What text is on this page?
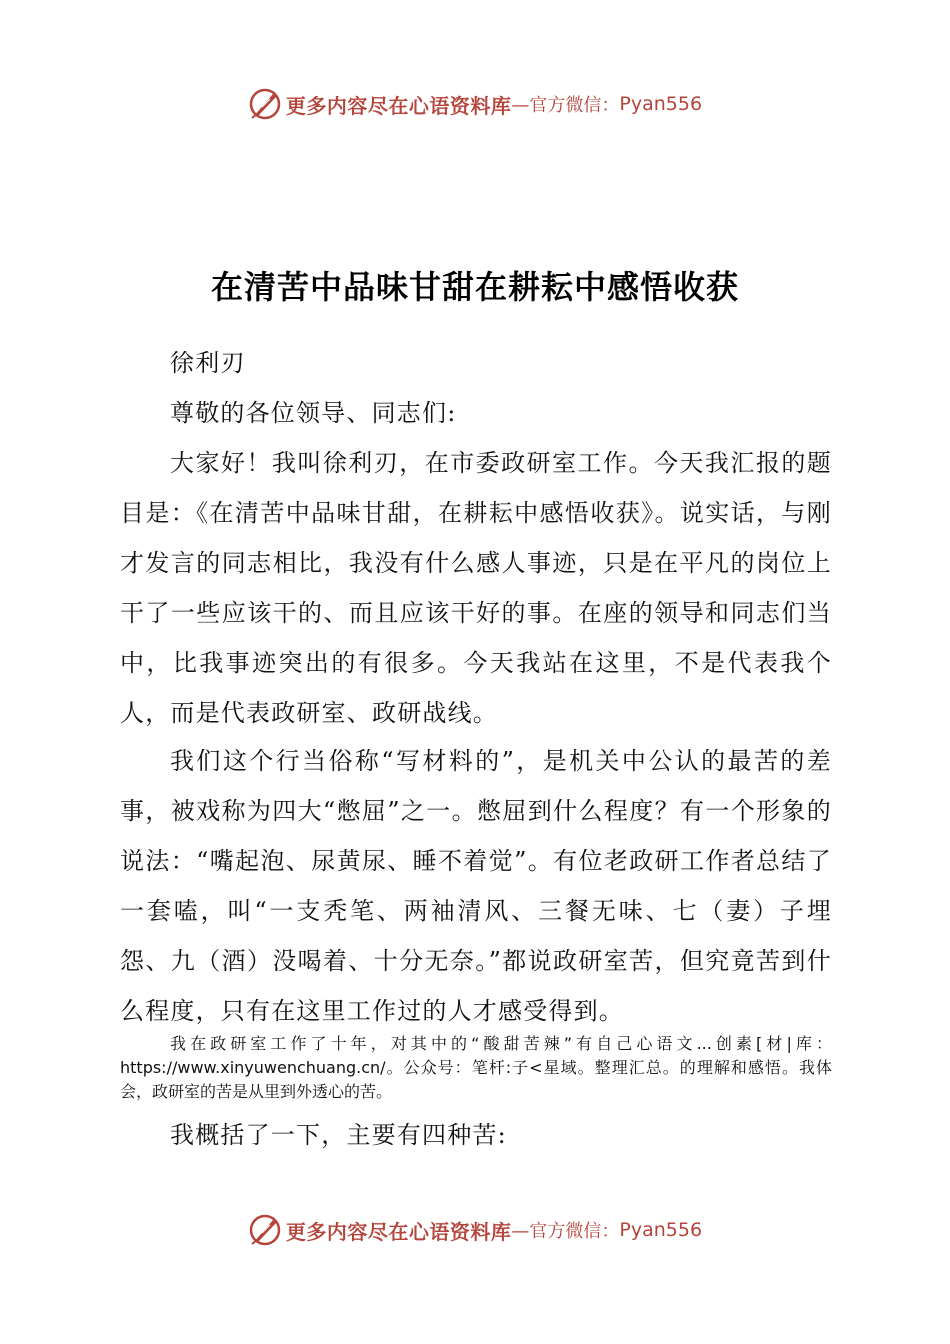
更多内容尽在心语资料库 —官方微信： Pyan556
在清苦中品味甘甜在耕耘中感悟收获

徐利刃

尊敬的各位领导、同志们:

大家好！我叫徐利刃，在市委政研室工作。今天我汇报的题目是：《在清苦中品味甘甜，在耕耘中感悟收获》。说实话，与刚才发言的同志相比，我没有什么感人事迹，只是在平凡的岗位上干了一些应该干的、而且应该干好的事。在座的领导和同志们当中，比我事迹突出的有很多。今天我站在这里，不是代表我个人，而是代表政研室、政研战线。

我们这个行当俗称“写材料的”，是机关中公认的最苦的差事，被戏称为四大“憋屈”之一。憋屈到什么程度？有一个形象的说法：“嘴起泡、尿黄尿、睡不着觉”。有位老政研工作者总结了一套嗑，叫“一支秃笔、两袖清风、三餐无味、七（妻）子埋怨、九（酒）没喝着、十分无奈。”都说政研室苦，但究竟苦到什么程度，只有在这里工作过的人才感受得到。

我在政研室工作了十年，对其中的“酸甜苦辣”有自己心语文...创素[材|库：https://www.xinyuwenchuang.cn/。公众号：笔杆:子<星域。整理汇总。的理解和感悟。我体会，政研室的苦是从里到外透心的苦。

我概括了一下，主要有四种苦:

更多内容尽在心语资料库 —官方微信： Pyan556
